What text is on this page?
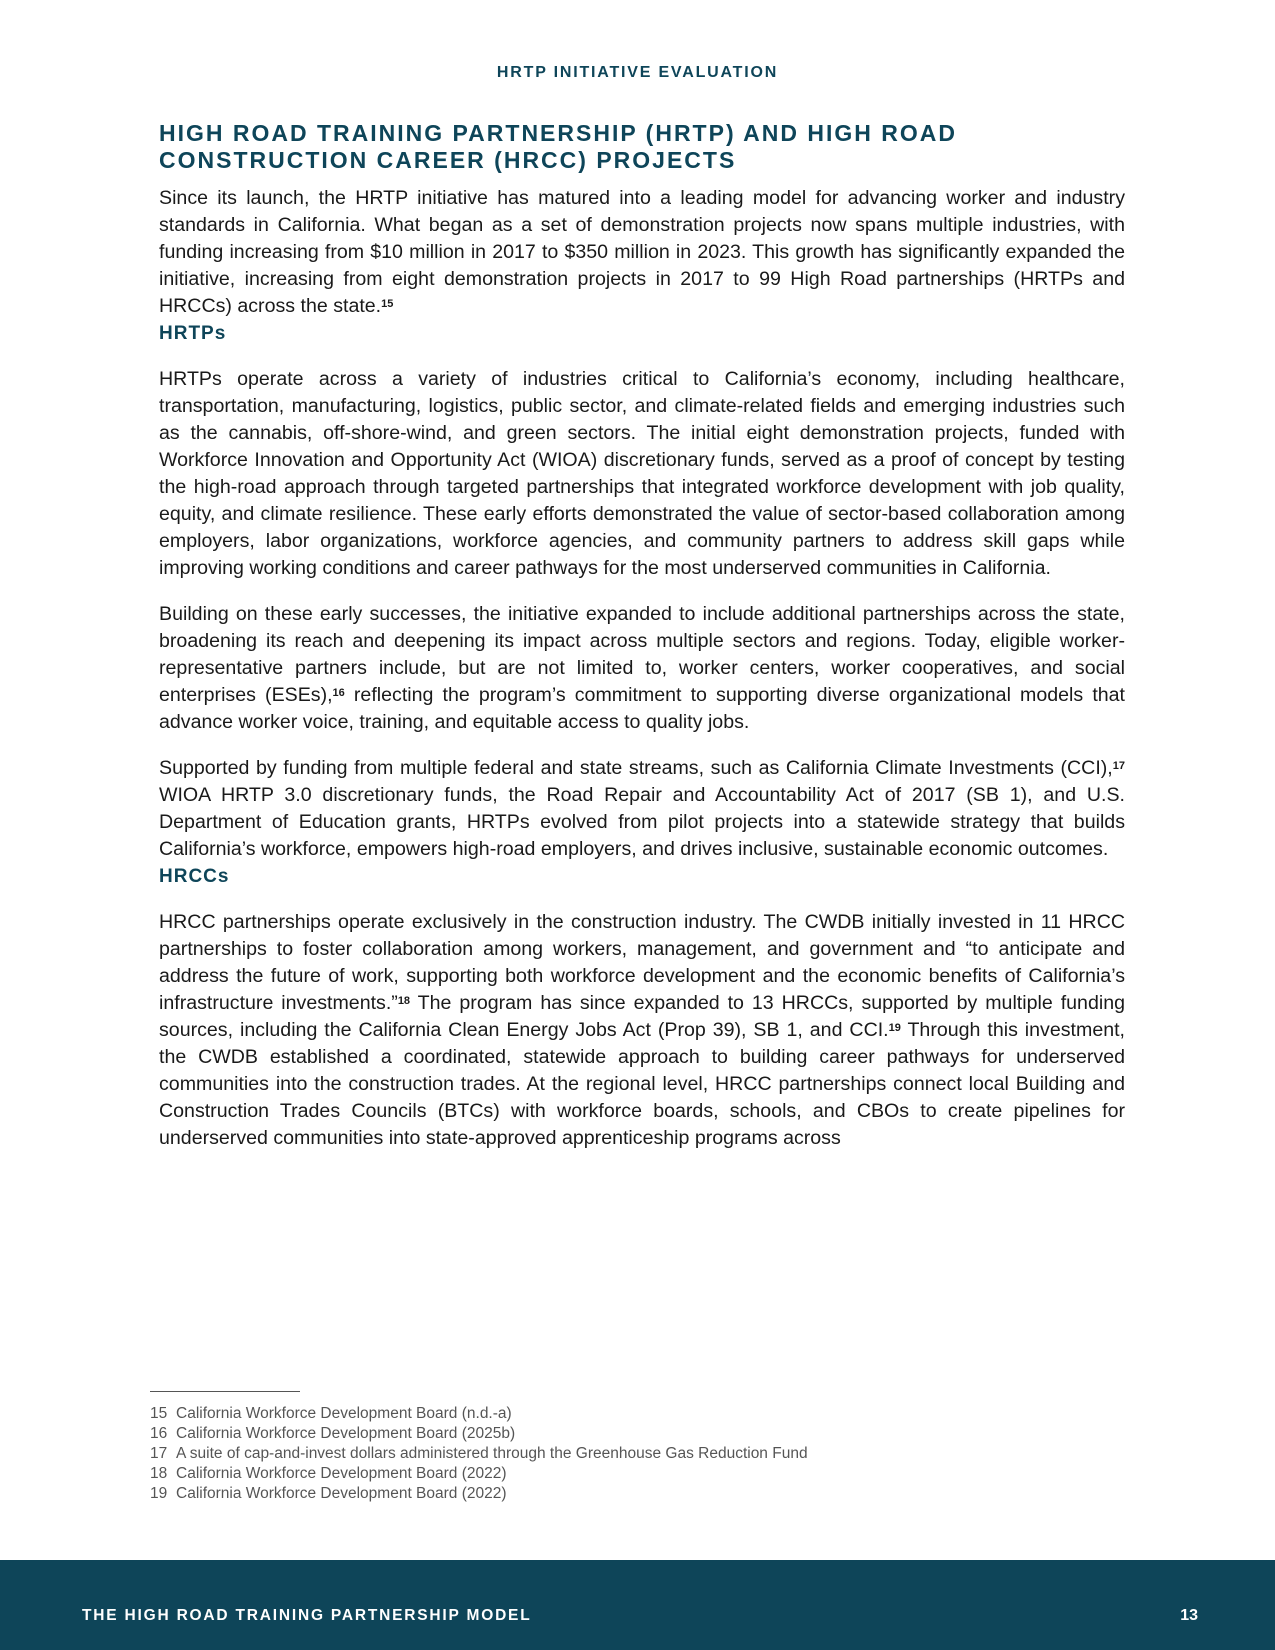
HRTP INITIATIVE EVALUATION
HIGH ROAD TRAINING PARTNERSHIP (HRTP) AND HIGH ROAD CONSTRUCTION CAREER (HRCC) PROJECTS

Since its launch, the HRTP initiative has matured into a leading model for advancing worker and industry standards in California. What began as a set of demonstration projects now spans multiple industries, with funding increasing from $10 million in 2017 to $350 million in 2023. This growth has significantly expanded the initiative, increasing from eight demonstration projects in 2017 to 99 High Road partnerships (HRTPs and HRCCs) across the state.$^{15}$

HRTPs

HRTPs operate across a variety of industries critical to California’s economy, including healthcare, transportation, manufacturing, logistics, public sector, and climate-related fields and emerging industries such as the cannabis, off-shore-wind, and green sectors. The initial eight demonstration projects, funded with Workforce Innovation and Opportunity Act (WIOA) discretionary funds, served as a proof of concept by testing the high-road approach through targeted partnerships that integrated workforce development with job quality, equity, and climate resilience. These early efforts demonstrated the value of sector-based collaboration among employers, labor organizations, workforce agencies, and community partners to address skill gaps while improving working conditions and career pathways for the most underserved communities in California.

Building on these early successes, the initiative expanded to include additional partnerships across the state, broadening its reach and deepening its impact across multiple sectors and regions. Today, eligible worker-representative partners include, but are not limited to, worker centers, worker cooperatives, and social enterprises (ESEs),$^{16}$ reflecting the program’s commitment to supporting diverse organizational models that advance worker voice, training, and equitable access to quality jobs.

Supported by funding from multiple federal and state streams, such as California Climate Investments (CCI),$^{17}$ WIOA HRTP 3.0 discretionary funds, the Road Repair and Accountability Act of 2017 (SB 1), and U.S. Department of Education grants, HRTPs evolved from pilot projects into a statewide strategy that builds California’s workforce, empowers high-road employers, and drives inclusive, sustainable economic outcomes.

HRCCs

HRCC partnerships operate exclusively in the construction industry. The CWDB initially invested in 11 HRCC partnerships to foster collaboration among workers, management, and government and “to anticipate and address the future of work, supporting both workforce development and the economic benefits of California’s infrastructure investments.”$^{18}$ The program has since expanded to 13 HRCCs, supported by multiple funding sources, including the California Clean Energy Jobs Act (Prop 39), SB 1, and CCI.$^{19}$ Through this investment, the CWDB established a coordinated, statewide approach to building career pathways for underserved communities into the construction trades. At the regional level, HRCC partnerships connect local Building and Construction Trades Councils (BTCs) with workforce boards, schools, and CBOs to create pipelines for underserved communities into state-approved apprenticeship programs across

15 California Workforce Development Board (n.d.-a)
16 California Workforce Development Board (2025b)
17 A suite of cap-and-invest dollars administered through the Greenhouse Gas Reduction Fund
18 California Workforce Development Board (2022)
19 California Workforce Development Board (2022)
THE HIGH ROAD TRAINING PARTNERSHIP MODEL	13
